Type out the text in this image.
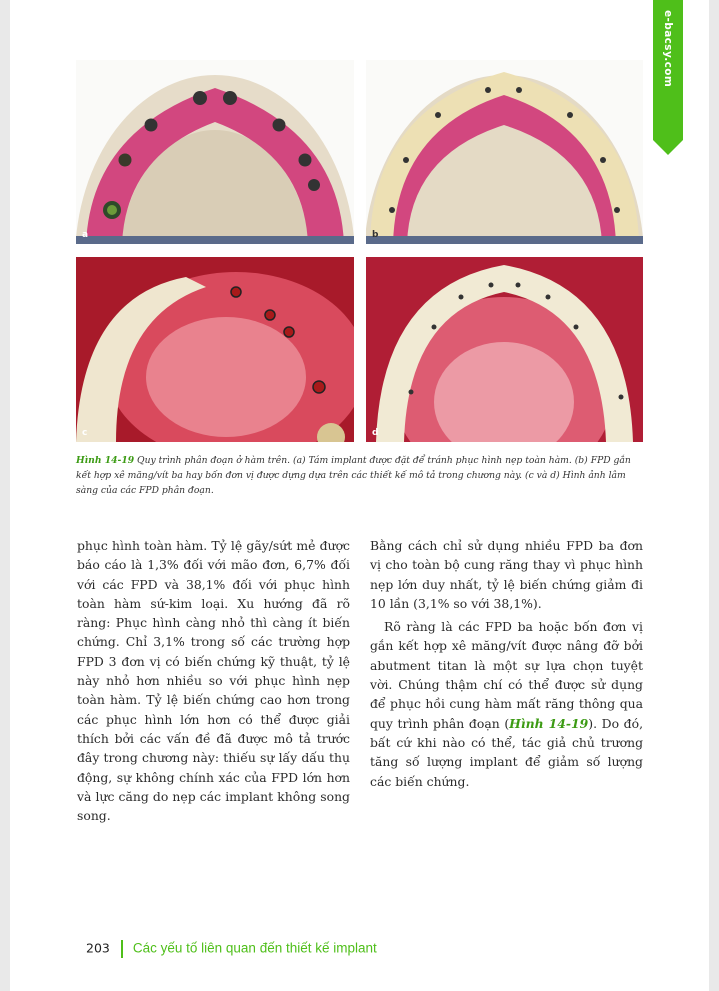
e-bacsy.com
a	b
c	d
Hình 14-19 Quy trình phân đoạn ở hàm trên. (a) Tám implant được đặt để tránh phục hình nẹp toàn hàm. (b) FPD gắn kết hợp xê măng/vít ba hay bốn đơn vị được dựng dựa trên các thiết kế mô tả trong chương này. (c và d) Hình ảnh lâm sàng của các FPD phân đoạn.

phục hình toàn hàm. Tỷ lệ gãy/sứt mẻ được báo cáo là 1,3% đối với mão đơn, 6,7% đối với các FPD và 38,1% đối với phục hình toàn hàm sứ-kim loại. Xu hướng đã rõ ràng: Phục hình càng nhỏ thì càng ít biến chứng. Chỉ 3,1% trong số các trường hợp FPD 3 đơn vị có biến chứng kỹ thuật, tỷ lệ này nhỏ hơn nhiều so với phục hình nẹp toàn hàm. Tỷ lệ biến chứng cao hơn trong các phục hình lớn hơn có thể được giải thích bởi các vấn đề đã được mô tả trước đây trong chương này: thiếu sự lấy dấu thụ động, sự không chính xác của FPD lớn hơn và lực căng do nẹp các implant không song song.

Bằng cách chỉ sử dụng nhiều FPD ba đơn vị cho toàn bộ cung răng thay vì phục hình nẹp lớn duy nhất, tỷ lệ biến chứng giảm đi 10 lần (3,1% so với 38,1%).

Rõ ràng là các FPD ba hoặc bốn đơn vị gắn kết hợp xê măng/vít được nâng đỡ bởi abutment titan là một sự lựa chọn tuyệt vời. Chúng thậm chí có thể được sử dụng để phục hồi cung hàm mất răng thông qua quy trình phân đoạn (Hình 14-19). Do đó, bất cứ khi nào có thể, tác giả chủ trương tăng số lượng implant để giảm số lượng các biến chứng.

203 Các yếu tố liên quan đến thiết kế implant
